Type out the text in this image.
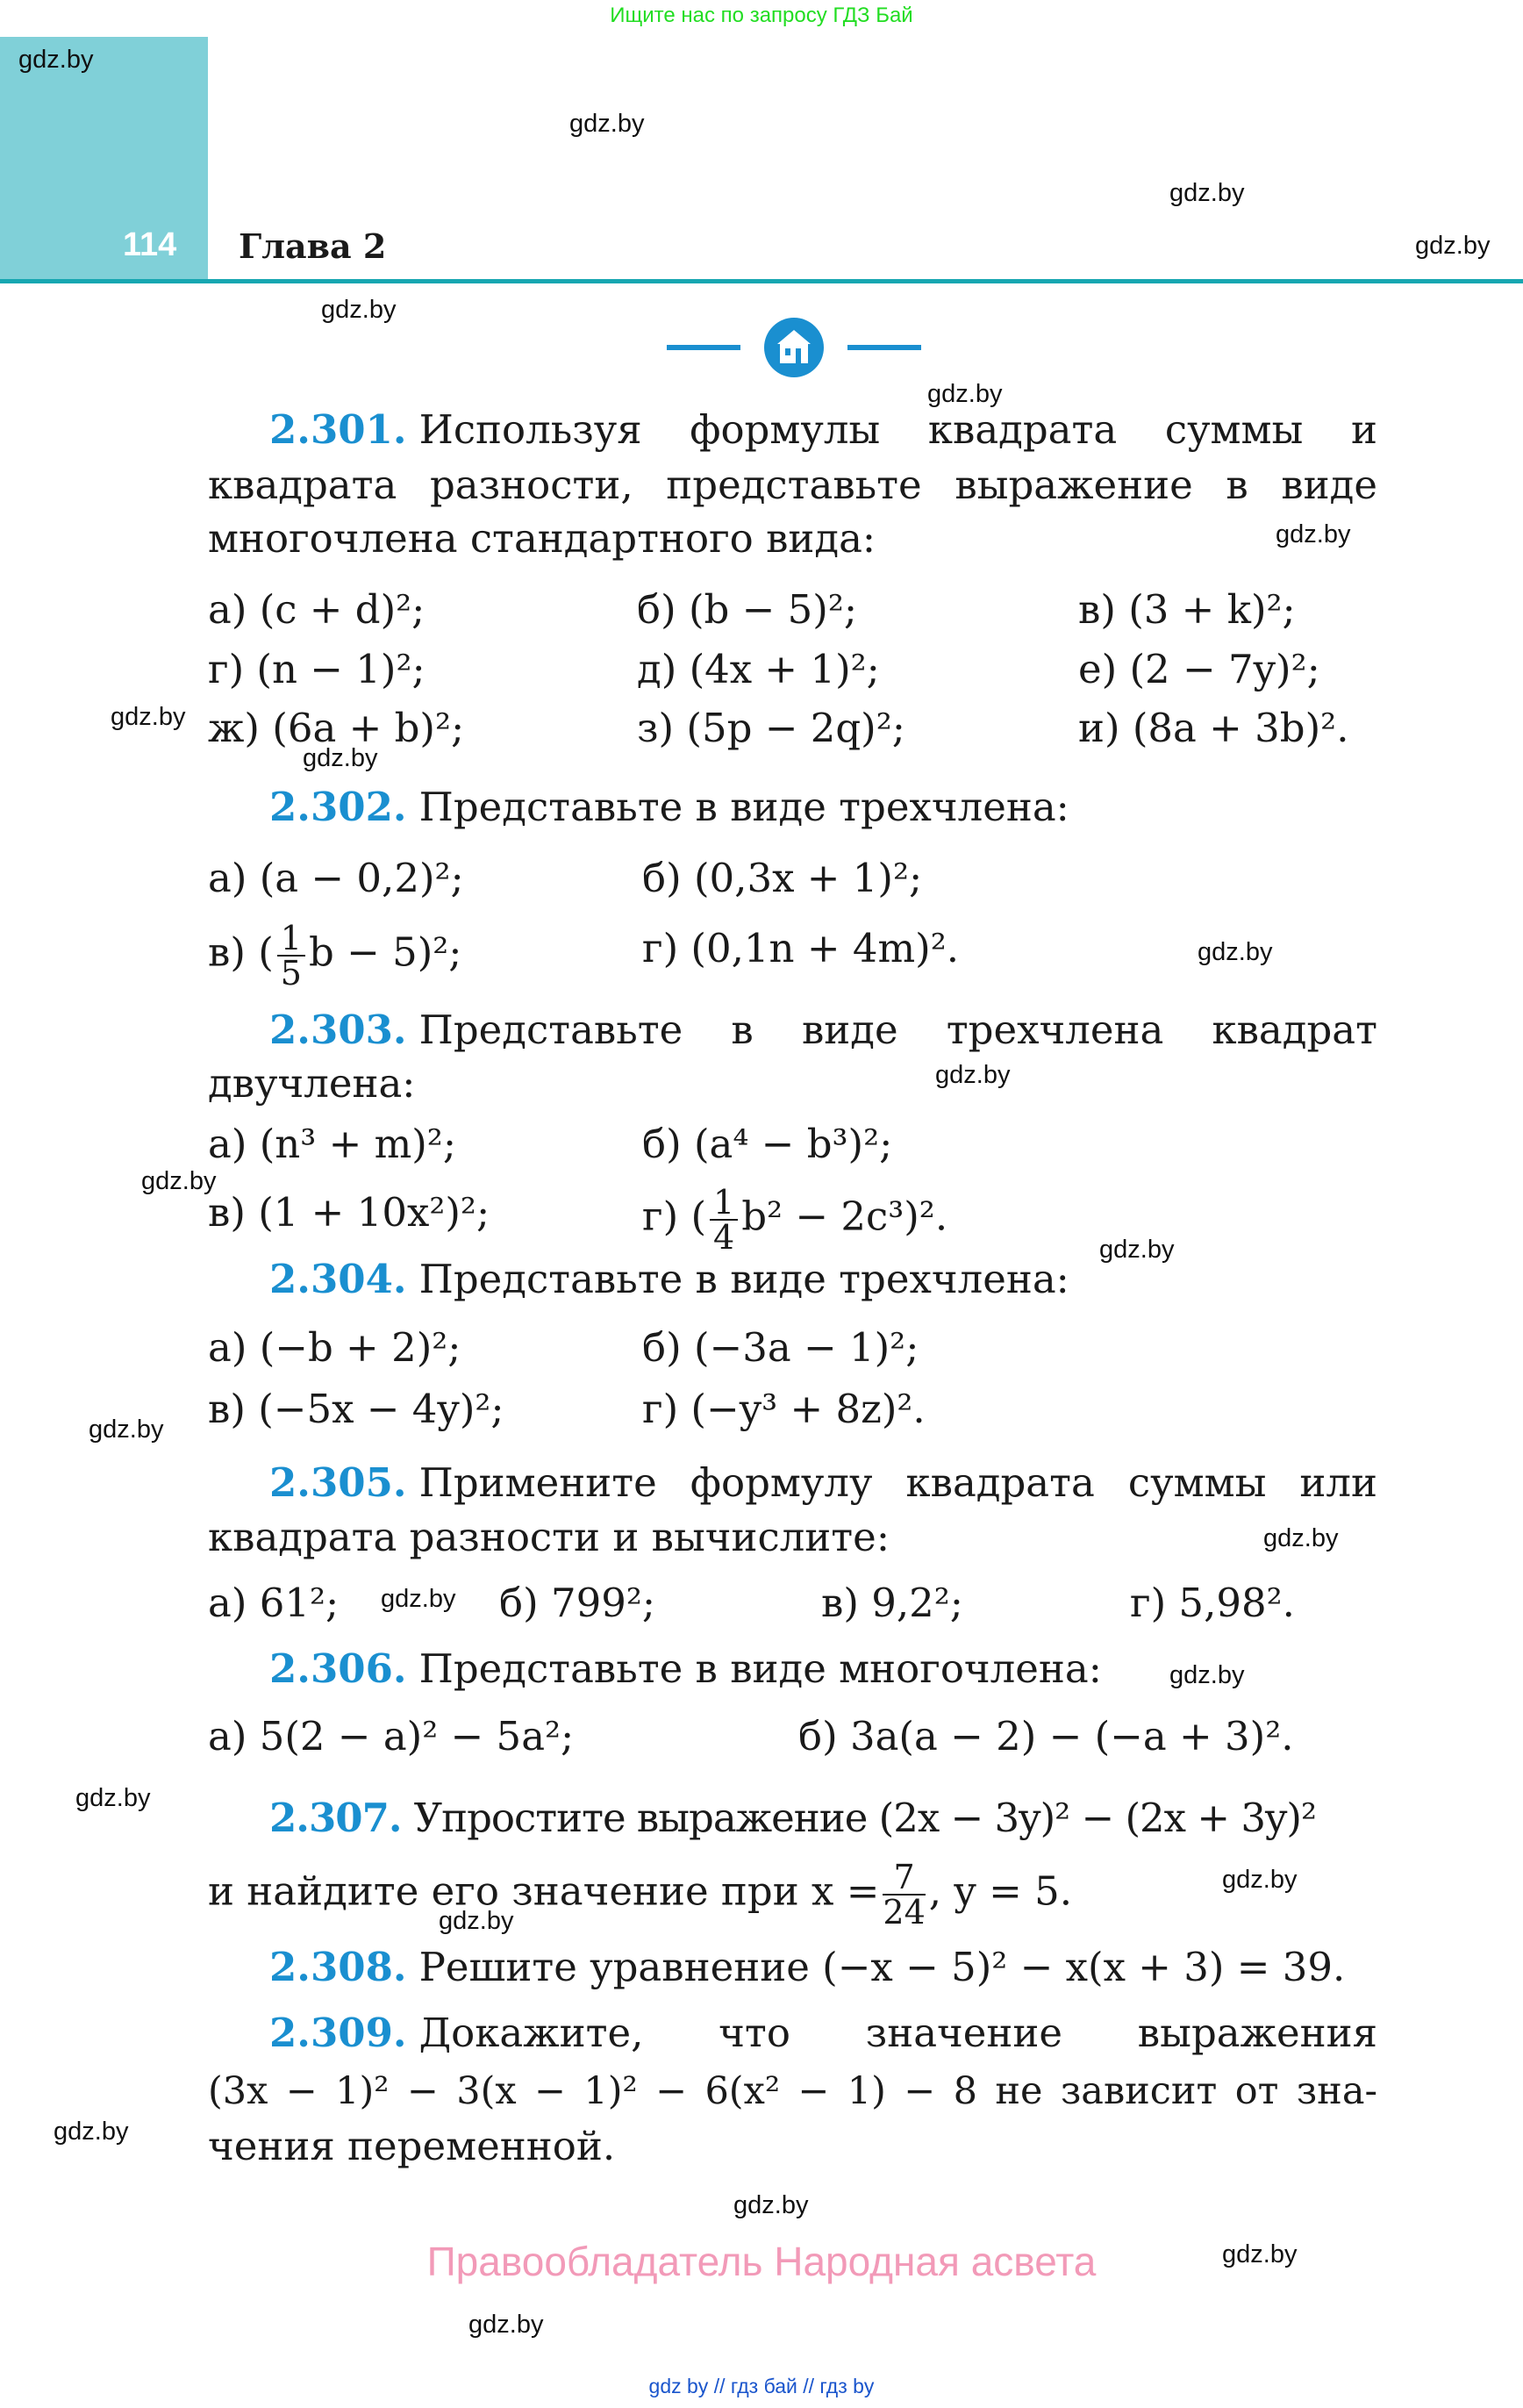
Ищите нас по запросу ГДЗ Бай
114 Глава 2
2.301. Используя формулы квадрата суммы и
квадрата разности, представьте выражение в виде
многочлена стандартного вида:
а) (c + d)²;	б) (b − 5)²;	в) (3 + k)²;
г) (n − 1)²;	д) (4x + 1)²;	е) (2 − 7y)²;
ж) (6a + b)²;	з) (5p − 2q)²;	и) (8a + 3b)².
2.302. Представьте в виде трехчлена:
а) (a − 0,2)²;	б) (0,3x + 1)²;
в) ( $\frac{1}{5}$ b − 5)²;	г) (0,1n + 4m)².
2.303. Представьте в виде трехчлена квадрат
двучлена:
а) (n³ + m)²;	б) (a⁴ − b³)²;
в) (1 + 10x²)²;	г) ( $\frac{1}{4} b^2 - 2c^3)^2$.
2.304. Представьте в виде трехчлена:
а) (−b + 2)²;	б) (−3a − 1)²;
в) (−5x − 4y)²;	г) (−y³ + 8z)².
2.305. Примените формулу квадрата суммы или
квадрата разности и вычислите:
а) 61²;	б) 799²;	в) 9,2²;	г) 5,98².
2.306. Представьте в виде многочлена:
а) 5(2 − a)² − 5a²;	б) 3a(a − 2) − (−a + 3)².
2.307. Упростите выражение (2x − 3y)² − (2x + 3y)²
и найдите его значение при $x = \frac{7}{24}$ , y = 5.
2.308. Решите уравнение (−x − 5)² − x(x + 3) = 39.
2.309. Докажите, что значение выражения
(3x − 1)² − 3(x − 1)² − 6(x² − 1) − 8 не зависит от зна-
чения переменной.
Правообладатель Народная асвета
gdz by // гдз бай // гдз by
gdz.by
gdz.by
gdz.by
gdz.by
gdz.by
gdz.by
gdz.by
gdz.by
gdz.by
gdz.by
gdz.by
gdz.by
gdz.by
gdz.by
gdz.by
gdz.by
gdz.by
gdz.by
gdz.by
gdz.by
gdz.by
gdz.by
gdz.by
gdz.by
